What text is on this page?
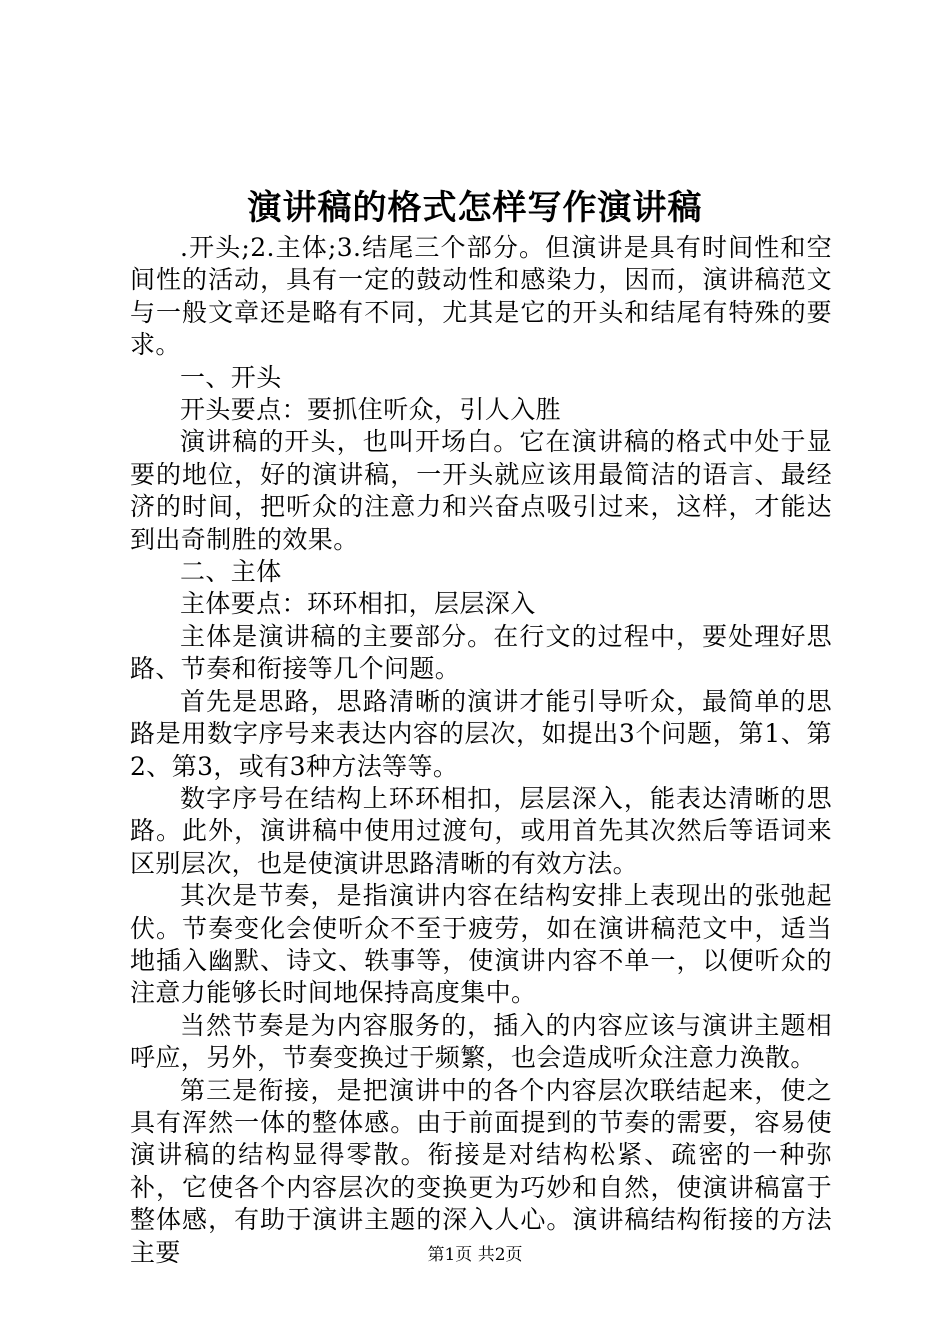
演讲稿的格式怎样写作演讲稿

.开头;2.主体;3.结尾三个部分。但演讲是具有时间性和空间性的活动，具有一定的鼓动性和感染力，因而，演讲稿范文与一般文章还是略有不同，尤其是它的开头和结尾有特殊的要求。

一、开头

开头要点：要抓住听众，引人入胜

演讲稿的开头，也叫开场白。它在演讲稿的格式中处于显要的地位，好的演讲稿，一开头就应该用最简洁的语言、最经济的时间，把听众的注意力和兴奋点吸引过来，这样，才能达到出奇制胜的效果。

二、主体

主体要点：环环相扣，层层深入

主体是演讲稿的主要部分。在行文的过程中，要处理好思路、节奏和衔接等几个问题。

首先是思路，思路清晰的演讲才能引导听众，最简单的思路是用数字序号来表达内容的层次，如提出3个问题，第1、第2、第3，或有3种方法等等。

数字序号在结构上环环相扣，层层深入，能表达清晰的思路。此外，演讲稿中使用过渡句，或用首先其次然后等语词来区别层次，也是使演讲思路清晰的有效方法。

其次是节奏，是指演讲内容在结构安排上表现出的张弛起伏。节奏变化会使听众不至于疲劳，如在演讲稿范文中，适当地插入幽默、诗文、轶事等，使演讲内容不单一，以便听众的注意力能够长时间地保持高度集中。

当然节奏是为内容服务的，插入的内容应该与演讲主题相呼应，另外，节奏变换过于频繁，也会造成听众注意力涣散。

第三是衔接，是把演讲中的各个内容层次联结起来，使之具有浑然一体的整体感。由于前面提到的节奏的需要，容易使演讲稿的结构显得零散。衔接是对结构松紧、疏密的一种弥补，它使各个内容层次的变换更为巧妙和自然，使演讲稿富于整体感，有助于演讲主题的深入人心。演讲稿结构衔接的方法主要	第1页 共2页
